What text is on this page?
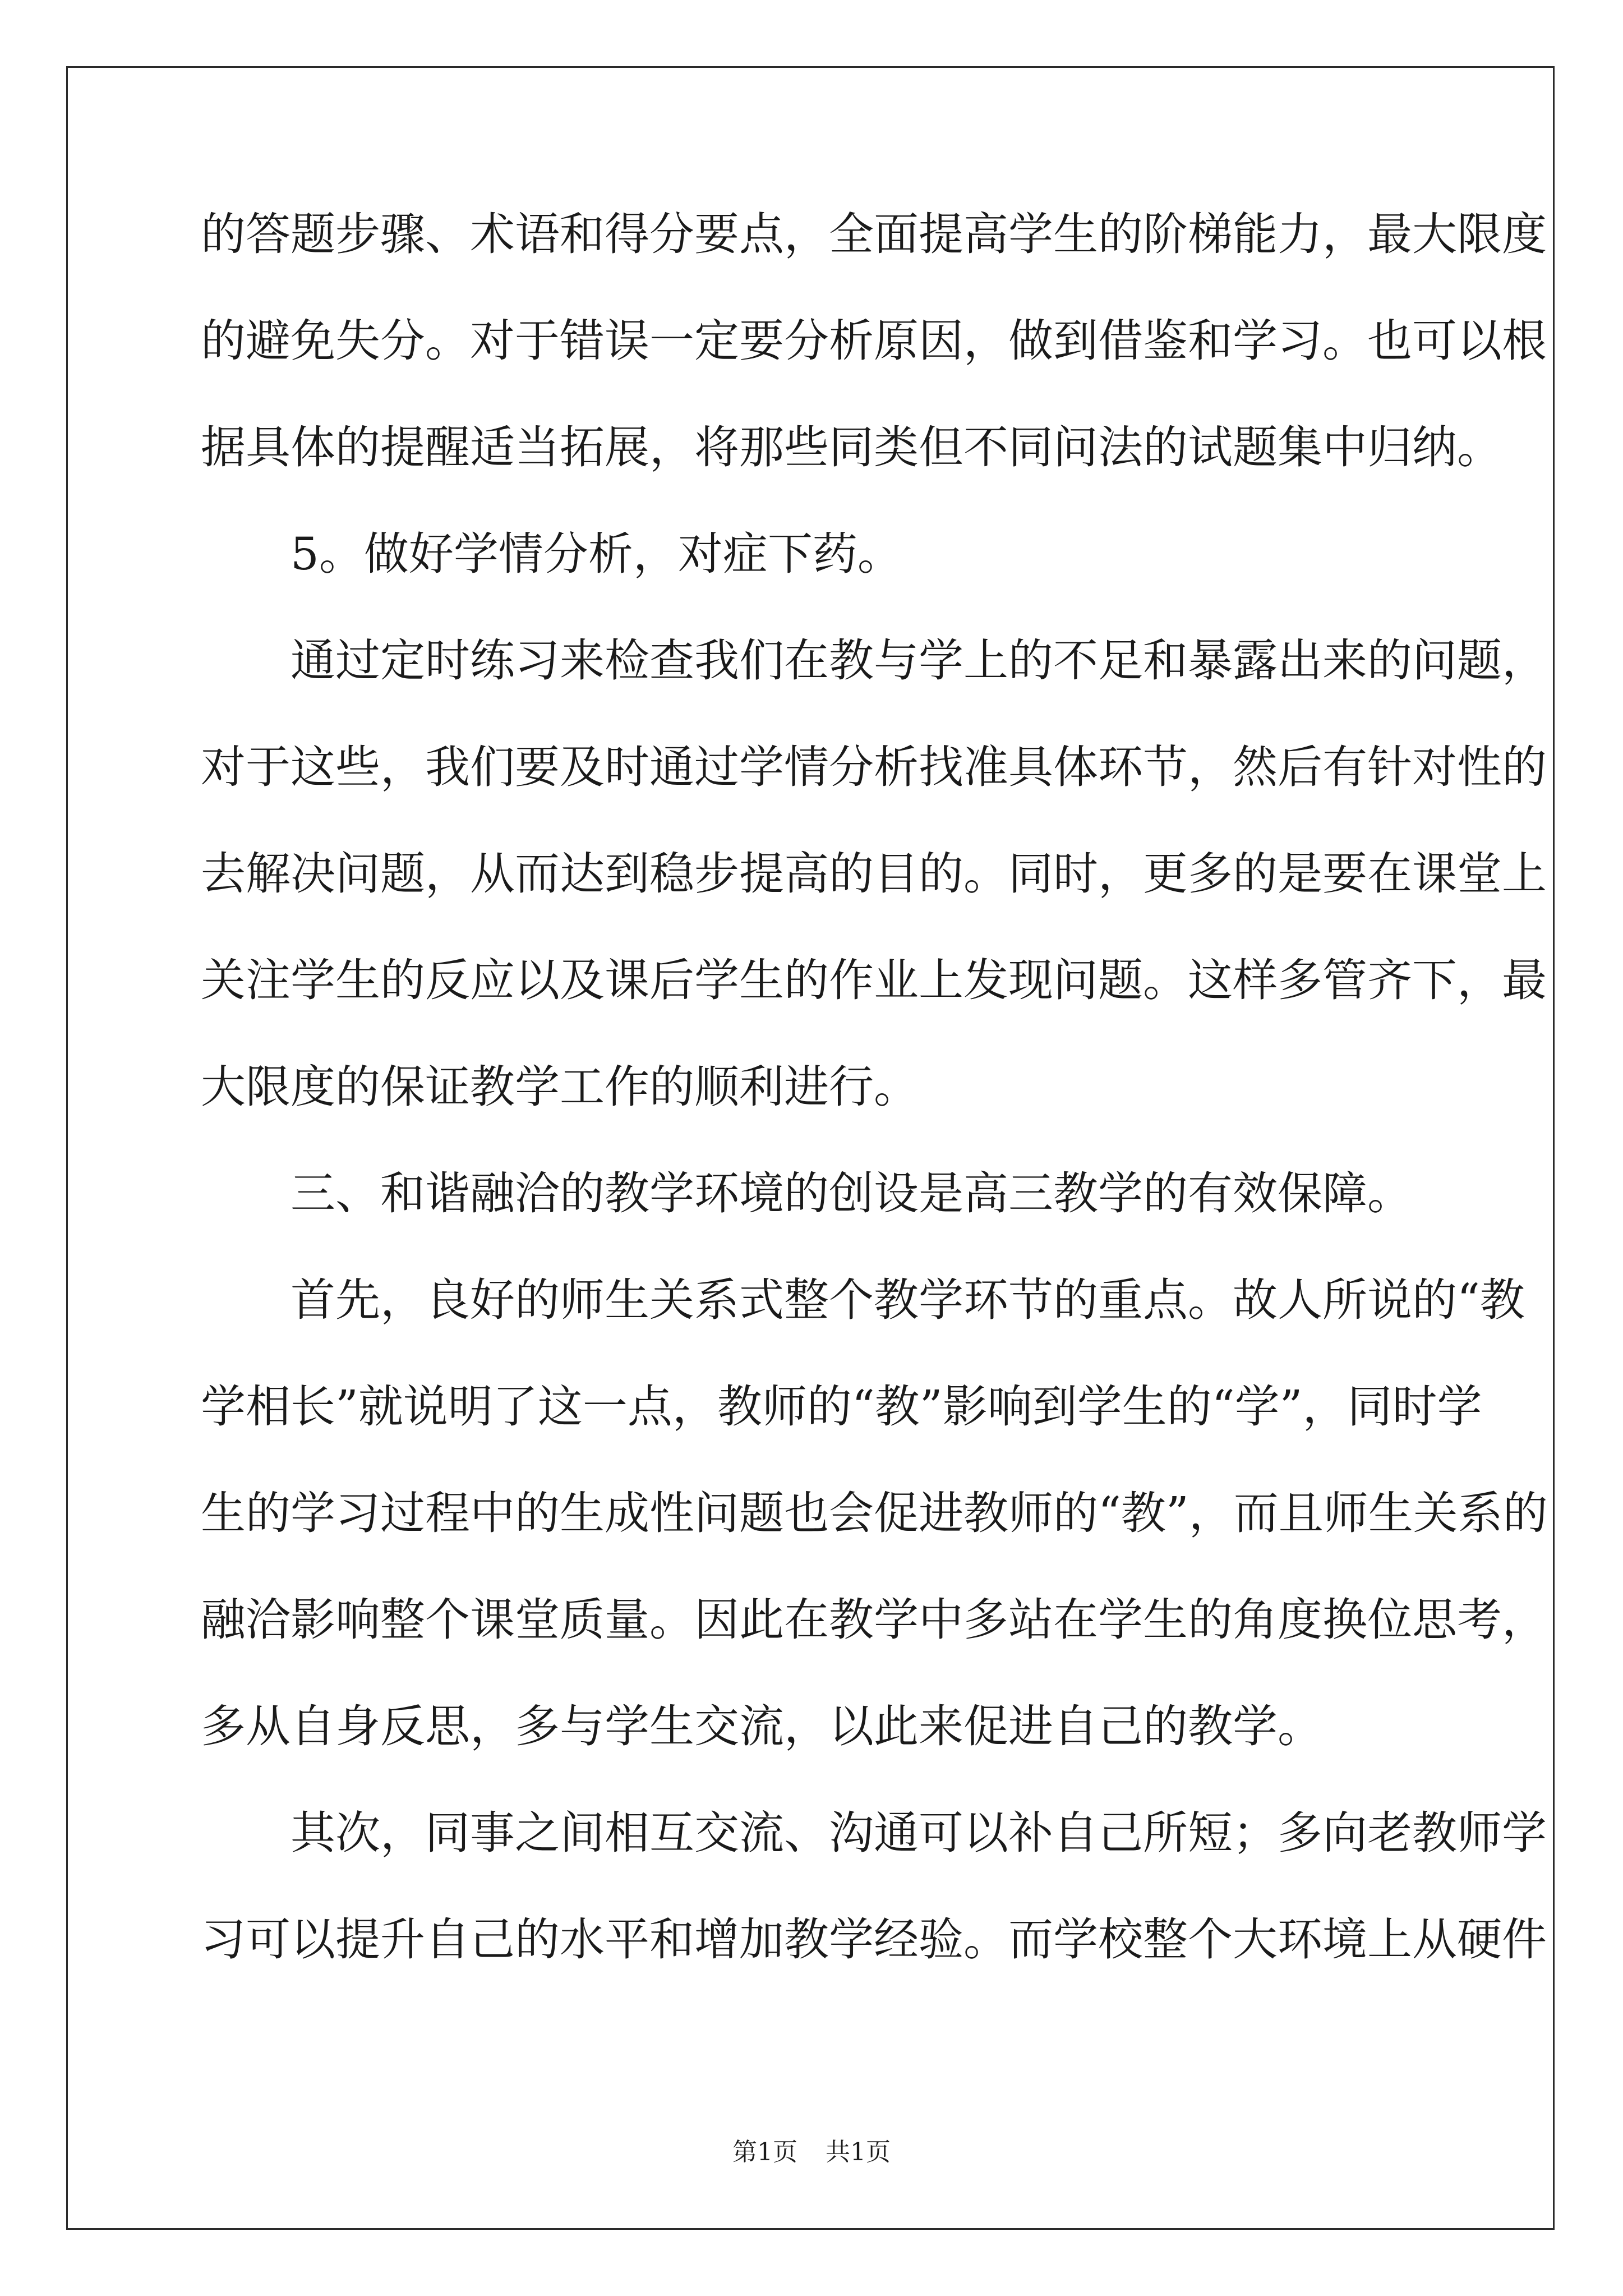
的答题步骤、术语和得分要点，全面提高学生的阶梯能力，最大限度
的避免失分。对于错误一定要分析原因，做到借鉴和学习。也可以根
据具体的提醒适当拓展，将那些同类但不同问法的试题集中归纳。
5。做好学情分析，对症下药。
通过定时练习来检查我们在教与学上的不足和暴露出来的问题，
对于这些，我们要及时通过学情分析找准具体环节，然后有针对性的
去解决问题，从而达到稳步提高的目的。同时，更多的是要在课堂上
关注学生的反应以及课后学生的作业上发现问题。这样多管齐下，最
大限度的保证教学工作的顺利进行。
三、和谐融洽的教学环境的创设是高三教学的有效保障。
首先，良好的师生关系式整个教学环节的重点。故人所说的“教
学相长”就说明了这一点，教师的“教”影响到学生的“学”，同时学
生的学习过程中的生成性问题也会促进教师的“教”，而且师生关系的
融洽影响整个课堂质量。因此在教学中多站在学生的角度换位思考，
多从自身反思，多与学生交流，以此来促进自己的教学。
其次，同事之间相互交流、沟通可以补自己所短；多向老教师学
习可以提升自己的水平和增加教学经验。而学校整个大环境上从硬件
第1页 共1页
